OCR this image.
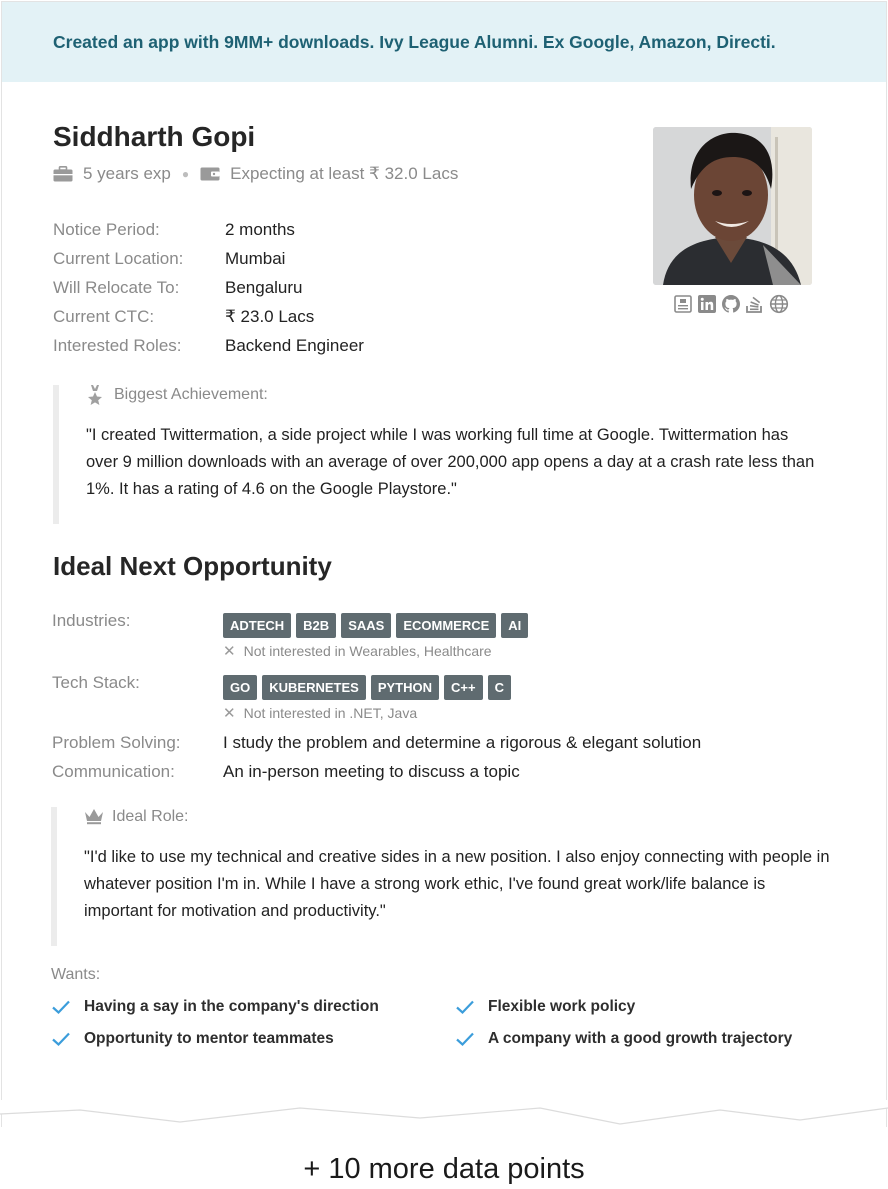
Created an app with 9MM+ downloads. Ivy League Alumni. Ex Google, Amazon, Directi.
Siddharth Gopi
5 years exp ● Expecting at least ₹ 32.0 Lacs
Notice Period:	2 months
Current Location:	Mumbai
Will Relocate To:	Bengaluru
Current CTC:	₹ 23.0 Lacs
Interested Roles:	Backend Engineer
Biggest Achievement:
"I created Twittermation, a side project while I was working full time at Google. Twittermation has over 9 million downloads with an average of over 200,000 app opens a day at a crash rate less than 1%. It has a rating of 4.6 on the Google Playstore."
Ideal Next Opportunity
Industries:	ADTECH	B2B	SAAS	ECOMMERCE	AI
✕ Not interested in Wearables, Healthcare
Tech Stack:	GO	KUBERNETES	PYTHON	C++	C
✕ Not interested in .NET, Java
Problem Solving: I study the problem and determine a rigorous & elegant solution
Communication:	An in-person meeting to discuss a topic
Ideal Role:
"I'd like to use my technical and creative sides in a new position. I also enjoy connecting with people in whatever position I'm in. While I have a strong work ethic, I've found great work/life balance is important for motivation and productivity."
Wants:
Having a say in the company's direction	Flexible work policy
Opportunity to mentor teammates	A company with a good growth trajectory
+ 10 more data points
